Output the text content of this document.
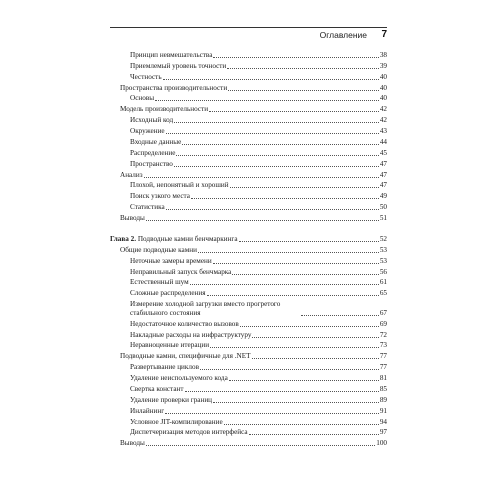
Оглавление 7
Принцип невмешательства	38
Приемлемый уровень точности	39
Честность	40
Пространства производительности	40
Основы	40
Модель производительности	42
Исходный код	42
Окружение	43
Входные данные	44
Распределение	45
Пространство	47
Анализ	47
Плохой, непонятный и хороший	47
Поиск узкого места	49
Статистика	50
Выводы	51
Глава 2. Подводные камни бенчмаркинга	52
Общие подводные камни	53
Неточные замеры времени	53
Неправильный запуск бенчмарка	56
Естественный шум	61
Сложные распределения	65
Измерение холодной загрузки вместо прогретого стабильного состояния	67
Недостаточное количество вызовов	69
Накладные расходы на инфраструктуру	72
Неравноценные итерации	73
Подводные камни, специфичные для .NET	77
Развертывание циклов	77
Удаление неиспользуемого кода	81
Свертка констант	85
Удаление проверки границ	89
Инлайнинг	91
Условное JIT-компилирование	94
Диспетчеризация методов интерфейса	97
Выводы	100
